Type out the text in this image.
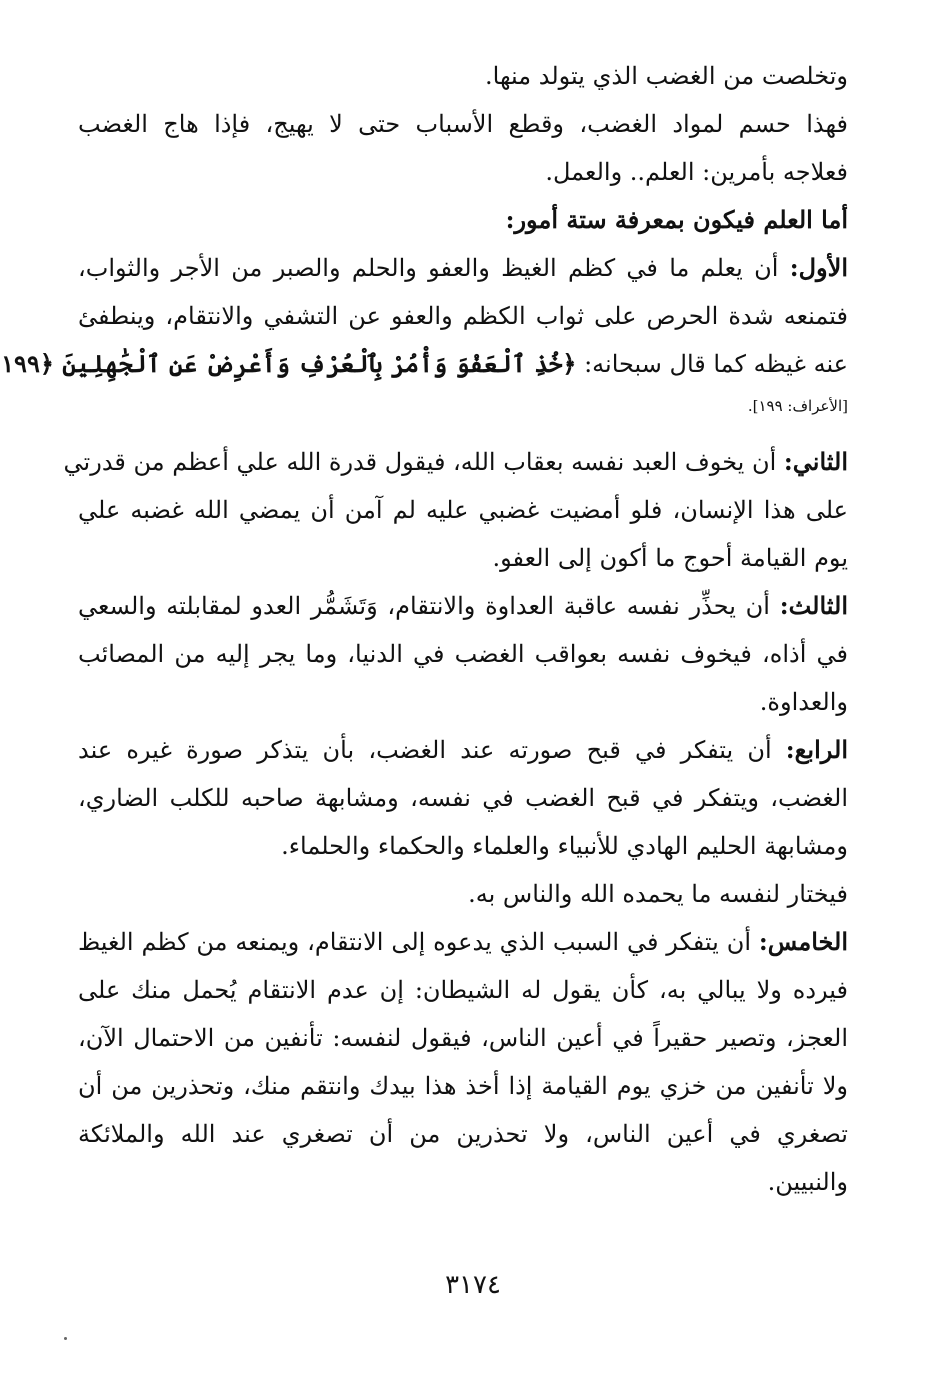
وتخلصت من الغضب الذي يتولد منها.
فهذا حسم لمواد الغضب، وقطع الأسباب حتى لا يهيج، فإذا هاج الغضب
فعلاجه بأمرين: العلم.. والعمل.
أما العلم فيكون بمعرفة ستة أمور:
الأول: أن يعلم ما في كظم الغيظ والعفو والحلم والصبر من الأجر والثواب،
فتمنعه شدة الحرص على ثواب الكظم والعفو عن التشفي والانتقام، وينطفئ
عنه غيظه كما قال سبحانه: ﴿خُذِ ٱلْعَفْوَ وَأْمُرْ بِٱلْعُرْفِ وَأَعْرِضْ عَنِ ٱلْجَٰهِلِينَ ﴿١٩٩
[الأعراف: ١٩٩].
الثاني: أن يخوف العبد نفسه بعقاب الله، فيقول قدرة الله علي أعظم من قدرتي
على هذا الإنسان، فلو أمضيت غضبي عليه لم آمن أن يمضي الله غضبه علي
يوم القيامة أحوج ما أكون إلى العفو.
الثالث: أن يحذِّر نفسه عاقبة العداوة والانتقام، وَتَشَمُّر العدو لمقابلته والسعي
في أذاه، فيخوف نفسه بعواقب الغضب في الدنيا، وما يجر إليه من المصائب
والعداوة.
الرابع: أن يتفكر في قبح صورته عند الغضب، بأن يتذكر صورة غيره عند
الغضب، ويتفكر في قبح الغضب في نفسه، ومشابهة صاحبه للكلب الضاري،
ومشابهة الحليم الهادي للأنبياء والعلماء والحكماء والحلماء.
فيختار لنفسه ما يحمده الله والناس به.
الخامس: أن يتفكر في السبب الذي يدعوه إلى الانتقام، ويمنعه من كظم الغيظ
فيرده ولا يبالي به، كأن يقول له الشيطان: إن عدم الانتقام يُحمل منك على
العجز، وتصير حقيراً في أعين الناس، فيقول لنفسه: تأنفين من الاحتمال الآن،
ولا تأنفين من خزي يوم القيامة إذا أخذ هذا بيدك وانتقم منك، وتحذرين من أن
تصغري في أعين الناس، ولا تحذرين من أن تصغري عند الله والملائكة
والنبيين.
٣١٧٤
